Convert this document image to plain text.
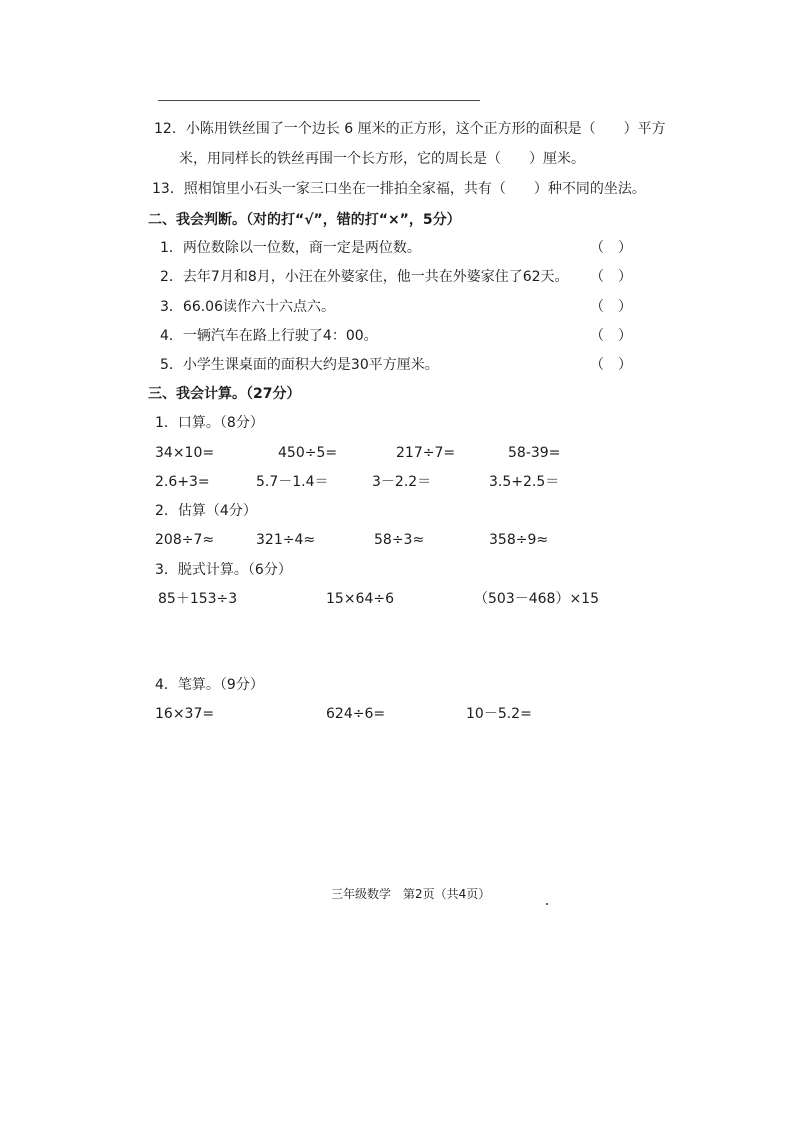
12．小陈用铁丝围了一个边长 6 厘米的正方形，这个正方形的面积是（　　）平方
米，用同样长的铁丝再围一个长方形，它的周长是（　　）厘米。
13．照相馆里小石头一家三口坐在一排拍全家福，共有（　　）种不同的坐法。
二、我会判断。（对的打“√”，错的打“×”，5分）
1．两位数除以一位数，商一定是两位数。	（　）
2．去年7月和8月，小汪在外婆家住，他一共在外婆家住了62天。 （　）
3．66.06读作六十六点六。	（　）
4．一辆汽车在路上行驶了4：00。	（　）
5．小学生课桌面的面积大约是30平方厘米。	（　）
三、我会计算。（27分）
1．口算。（8分）
34×10=	450÷5=	217÷7=	58-39=
2.6+3=	5.7－1.4＝	3－2.2＝	3.5+2.5＝
2．估算（4分）
208÷7≈	321÷4≈	58÷3≈	358÷9≈
3．脱式计算。（6分）
85＋153÷3	15×64÷6	（503－468）×15
4．笔算。（9分）
16×37=	624÷6=	10－5.2=
三年级数学　第2页（共4页）
